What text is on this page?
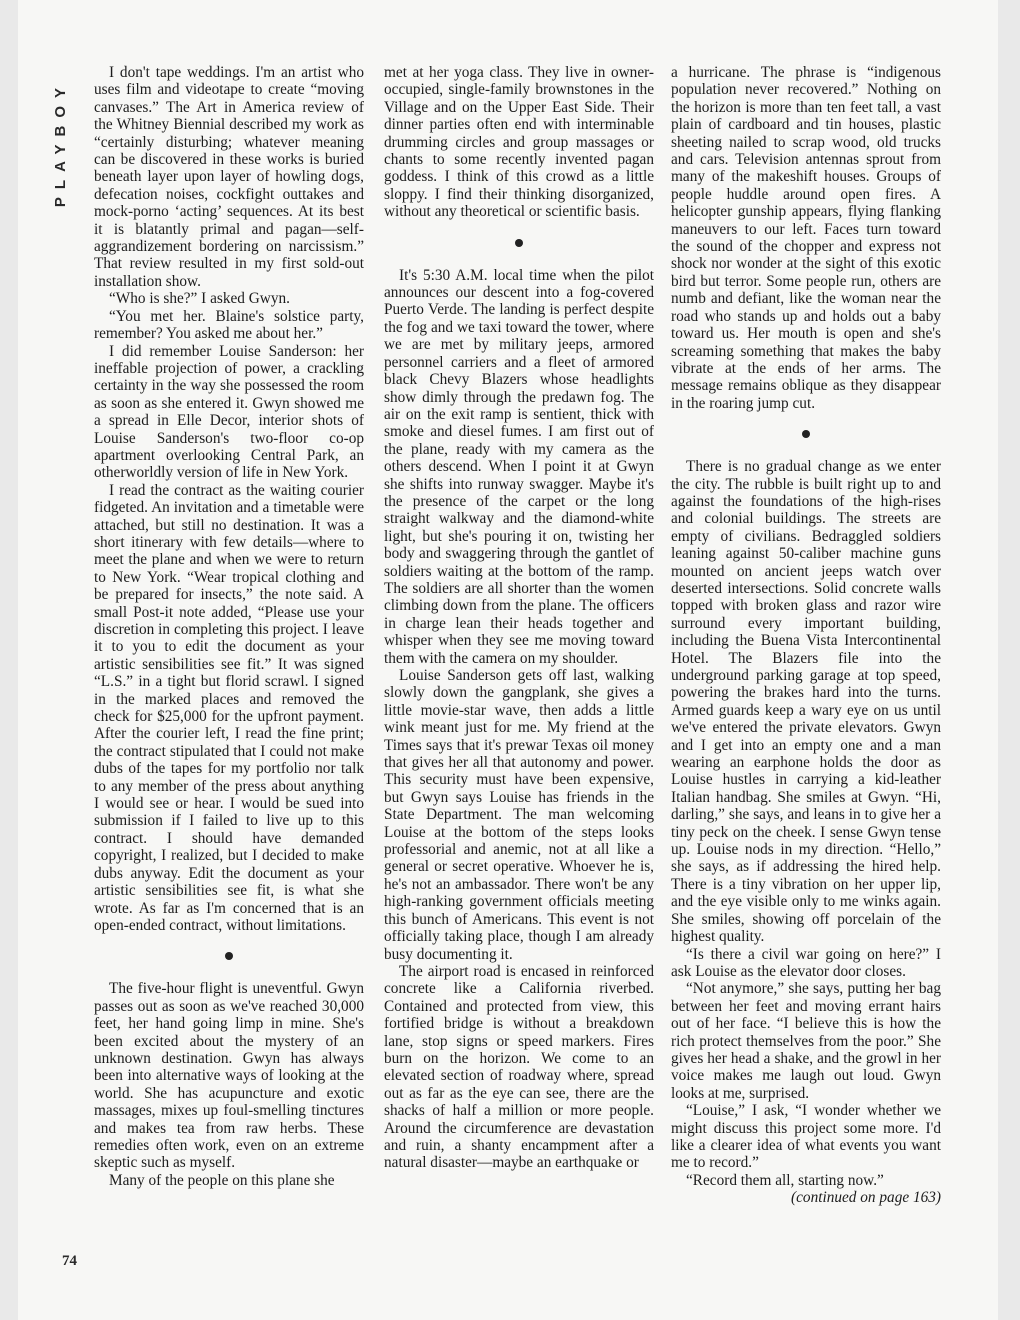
PLAYBOY
74

I don't tape weddings. I'm an artist who uses film and videotape to create “moving canvases.” The Art in America review of the Whitney Biennial described my work as “certainly disturbing; whatever meaning can be discovered in these works is buried beneath layer upon layer of howling dogs, defecation noises, cockfight outtakes and mock-porno ‘acting’ sequences. At its best it is blatantly primal and pagan—self-aggrandizement bordering on narcissism.” That review resulted in my first sold-out installation show.

“Who is she?” I asked Gwyn.

“You met her. Blaine's solstice party, remember? You asked me about her.”

I did remember Louise Sanderson: her ineffable projection of power, a crackling certainty in the way she possessed the room as soon as she entered it. Gwyn showed me a spread in Elle Decor, interior shots of Louise Sanderson's two-floor co-op apartment overlooking Central Park, an otherworldly version of life in New York.

I read the contract as the waiting courier fidgeted. An invitation and a timetable were attached, but still no destination. It was a short itinerary with few details—where to meet the plane and when we were to return to New York. “Wear tropical clothing and be prepared for insects,” the note said. A small Post-it note added, “Please use your discretion in completing this project. I leave it to you to edit the document as your artistic sensibilities see fit.” It was signed “L.S.” in a tight but florid scrawl. I signed in the marked places and removed the check for $25,000 for the upfront payment. After the courier left, I read the fine print; the contract stipulated that I could not make dubs of the tapes for my portfolio nor talk to any member of the press about anything I would see or hear. I would be sued into submission if I failed to live up to this contract. I should have demanded copyright, I realized, but I decided to make dubs anyway. Edit the document as your artistic sensibilities see fit, is what she wrote. As far as I'm concerned that is an open-ended contract, without limitations.

The five-hour flight is uneventful. Gwyn passes out as soon as we've reached 30,000 feet, her hand going limp in mine. She's been excited about the mystery of an unknown destination. Gwyn has always been into alternative ways of looking at the world. She has acupuncture and exotic massages, mixes up foul-smelling tinctures and makes tea from raw herbs. These remedies often work, even on an extreme skeptic such as myself.

Many of the people on this plane she

met at her yoga class. They live in owner-occupied, single-family brownstones in the Village and on the Upper East Side. Their dinner parties often end with interminable drumming circles and group massages or chants to some recently invented pagan goddess. I think of this crowd as a little sloppy. I find their thinking disorganized, without any theoretical or scientific basis.

It's 5:30 A.M. local time when the pilot announces our descent into a fog-covered Puerto Verde. The landing is perfect despite the fog and we taxi toward the tower, where we are met by military jeeps, armored personnel carriers and a fleet of armored black Chevy Blazers whose headlights show dimly through the predawn fog. The air on the exit ramp is sentient, thick with smoke and diesel fumes. I am first out of the plane, ready with my camera as the others descend. When I point it at Gwyn she shifts into runway swagger. Maybe it's the presence of the carpet or the long straight walkway and the diamond-white light, but she's pouring it on, twisting her body and swaggering through the gantlet of soldiers waiting at the bottom of the ramp. The soldiers are all shorter than the women climbing down from the plane. The officers in charge lean their heads together and whisper when they see me moving toward them with the camera on my shoulder.

Louise Sanderson gets off last, walking slowly down the gangplank, she gives a little movie-star wave, then adds a little wink meant just for me. My friend at the Times says that it's prewar Texas oil money that gives her all that autonomy and power. This security must have been expensive, but Gwyn says Louise has friends in the State Department. The man welcoming Louise at the bottom of the steps looks professorial and anemic, not at all like a general or secret operative. Whoever he is, he's not an ambassador. There won't be any high-ranking government officials meeting this bunch of Americans. This event is not officially taking place, though I am already busy documenting it.

The airport road is encased in reinforced concrete like a California riverbed. Contained and protected from view, this fortified bridge is without a breakdown lane, stop signs or speed markers. Fires burn on the horizon. We come to an elevated section of roadway where, spread out as far as the eye can see, there are the shacks of half a million or more people. Around the circumference are devastation and ruin, a shanty encampment after a natural disaster—maybe an earthquake or

a hurricane. The phrase is “indigenous population never recovered.” Nothing on the horizon is more than ten feet tall, a vast plain of cardboard and tin houses, plastic sheeting nailed to scrap wood, old trucks and cars. Television antennas sprout from many of the makeshift houses. Groups of people huddle around open fires. A helicopter gunship appears, flying flanking maneuvers to our left. Faces turn toward the sound of the chopper and express not shock nor wonder at the sight of this exotic bird but terror. Some people run, others are numb and defiant, like the woman near the road who stands up and holds out a baby toward us. Her mouth is open and she's screaming something that makes the baby vibrate at the ends of her arms. The message remains oblique as they disappear in the roaring jump cut.

There is no gradual change as we enter the city. The rubble is built right up to and against the foundations of the high-rises and colonial buildings. The streets are empty of civilians. Bedraggled soldiers leaning against 50-caliber machine guns mounted on ancient jeeps watch over deserted intersections. Solid concrete walls topped with broken glass and razor wire surround every important building, including the Buena Vista Intercontinental Hotel. The Blazers file into the underground parking garage at top speed, powering the brakes hard into the turns. Armed guards keep a wary eye on us until we've entered the private elevators. Gwyn and I get into an empty one and a man wearing an earphone holds the door as Louise hustles in carrying a kid-leather Italian handbag. She smiles at Gwyn. “Hi, darling,” she says, and leans in to give her a tiny peck on the cheek. I sense Gwyn tense up. Louise nods in my direction. “Hello,” she says, as if addressing the hired help. There is a tiny vibration on her upper lip, and the eye visible only to me winks again. She smiles, showing off porcelain of the highest quality.

“Is there a civil war going on here?” I ask Louise as the elevator door closes.

“Not anymore,” she says, putting her bag between her feet and moving errant hairs out of her face. “I believe this is how the rich protect themselves from the poor.” She gives her head a shake, and the growl in her voice makes me laugh out loud. Gwyn looks at me, surprised.

“Louise,” I ask, “I wonder whether we might discuss this project some more. I'd like a clearer idea of what events you want me to record.”

“Record them all, starting now.”

(continued on page 163)
